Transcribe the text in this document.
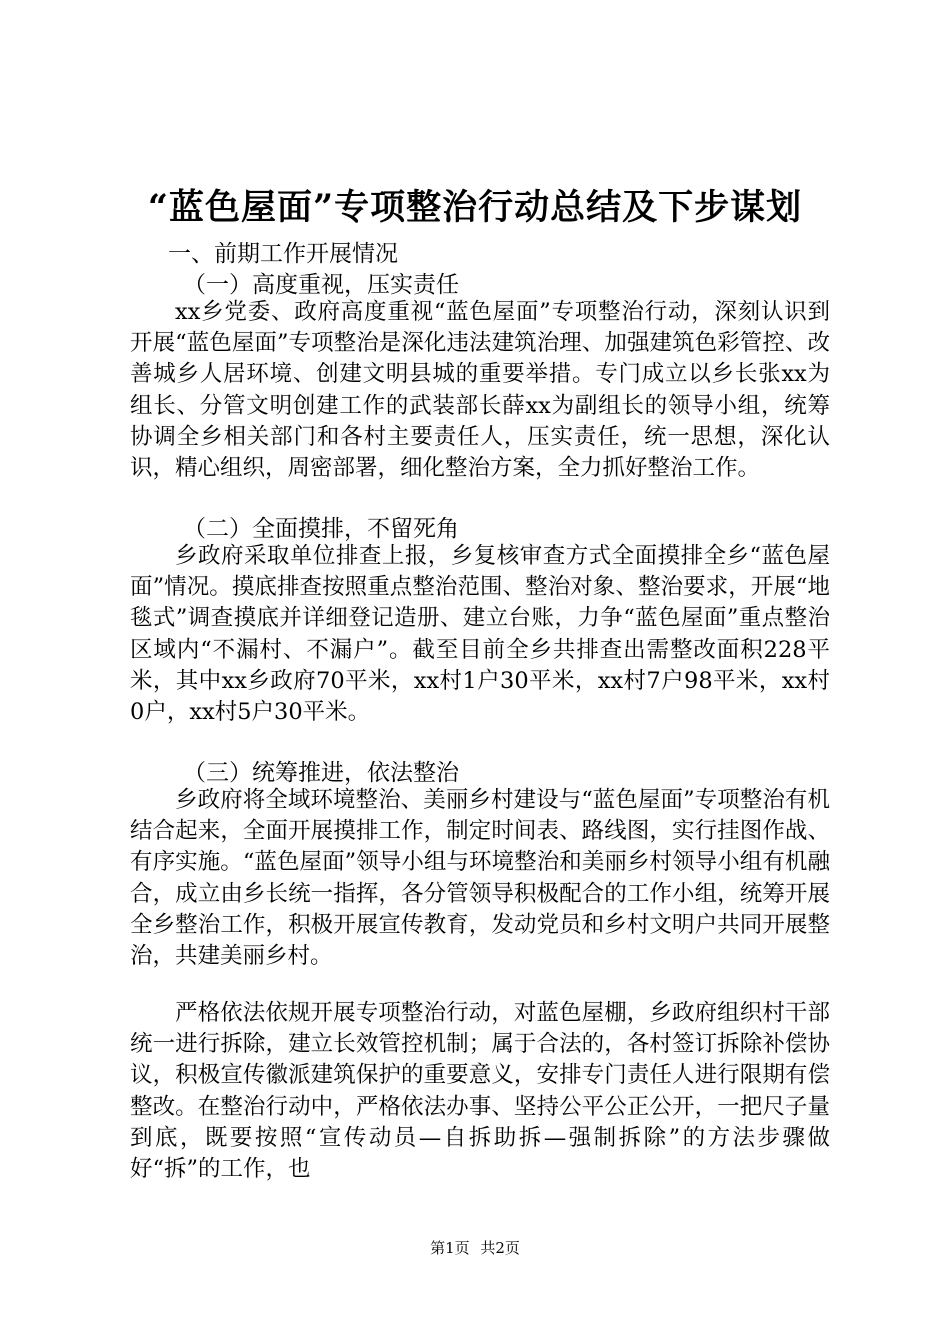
“蓝色屋面”专项整治行动总结及下步谋划
一、前期工作开展情况
（一）高度重视，压实责任

xx乡党委、政府高度重视“蓝色屋面”专项整治行动，深刻认识到开展“蓝色屋面”专项整治是深化违法建筑治理、加强建筑色彩管控、改善城乡人居环境、创建文明县城的重要举措。专门成立以乡长张xx为组长、分管文明创建工作的武装部长薛xx为副组长的领导小组，统筹协调全乡相关部门和各村主要责任人，压实责任，统一思想，深化认识，精心组织，周密部署，细化整治方案，全力抓好整治工作。

（二）全面摸排，不留死角

乡政府采取单位排查上报，乡复核审查方式全面摸排全乡“蓝色屋面”情况。摸底排查按照重点整治范围、整治对象、整治要求，开展“地毯式”调查摸底并详细登记造册、建立台账，力争“蓝色屋面”重点整治区域内“不漏村、不漏户”。截至目前全乡共排查出需整改面积228平米，其中xx乡政府70平米，xx村1户30平米，xx村7户98平米，xx村0户，xx村5户30平米。

（三）统筹推进，依法整治

乡政府将全域环境整治、美丽乡村建设与“蓝色屋面”专项整治有机结合起来，全面开展摸排工作，制定时间表、路线图，实行挂图作战、有序实施。“蓝色屋面”领导小组与环境整治和美丽乡村领导小组有机融合，成立由乡长统一指挥，各分管领导积极配合的工作小组，统筹开展全乡整治工作，积极开展宣传教育，发动党员和乡村文明户共同开展整治，共建美丽乡村。

严格依法依规开展专项整治行动，对蓝色屋棚，乡政府组织村干部统一进行拆除，建立长效管控机制；属于合法的，各村签订拆除补偿协议，积极宣传徽派建筑保护的重要意义，安排专门责任人进行限期有偿整改。在整治行动中，严格依法办事、坚持公平公正公开，一把尺子量到底，既要按照“宣传动员—自拆助拆—强制拆除”的方法步骤做好“拆”的工作，也

第1页 共2页
